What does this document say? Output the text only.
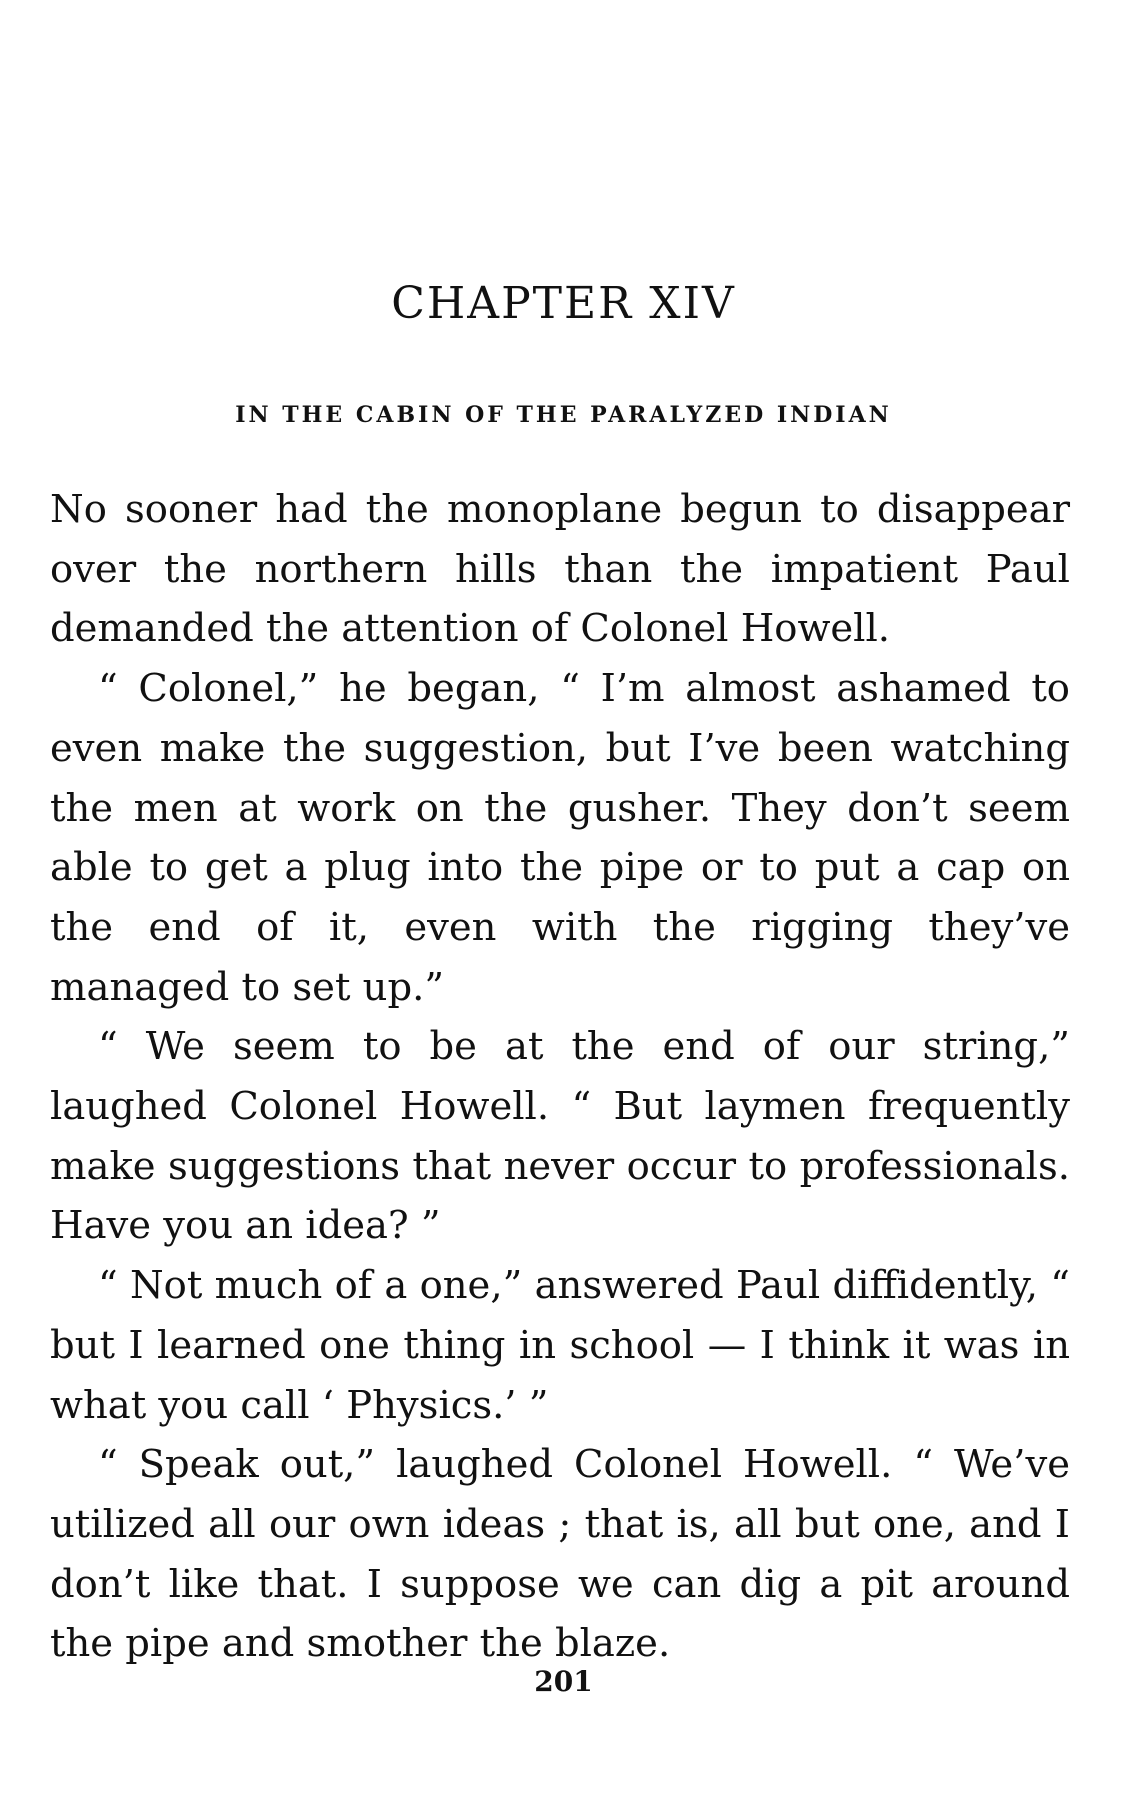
CHAPTER XIV
IN THE CABIN OF THE PARALYZED INDIAN

No sooner had the monoplane begun to disappear over the northern hills than the impatient Paul demanded the attention of Colonel Howell.

“ Colonel,” he began, “ I’m almost ashamed to even make the suggestion, but I’ve been watching the men at work on the gusher. They don’t seem able to get a plug into the pipe or to put a cap on the end of it, even with the rigging they’ve managed to set up.”

“ We seem to be at the end of our string,” laughed Colonel Howell. “ But laymen frequently make suggestions that never occur to professionals. Have you an idea? ”

“ Not much of a one,” answered Paul diffidently, “ but I learned one thing in school — I think it was in what you call ‘ Physics.’ ”

“ Speak out,” laughed Colonel Howell. “ We’ve utilized all our own ideas ; that is, all but one, and I don’t like that. I suppose we can dig a pit around the pipe and smother the blaze.

201
